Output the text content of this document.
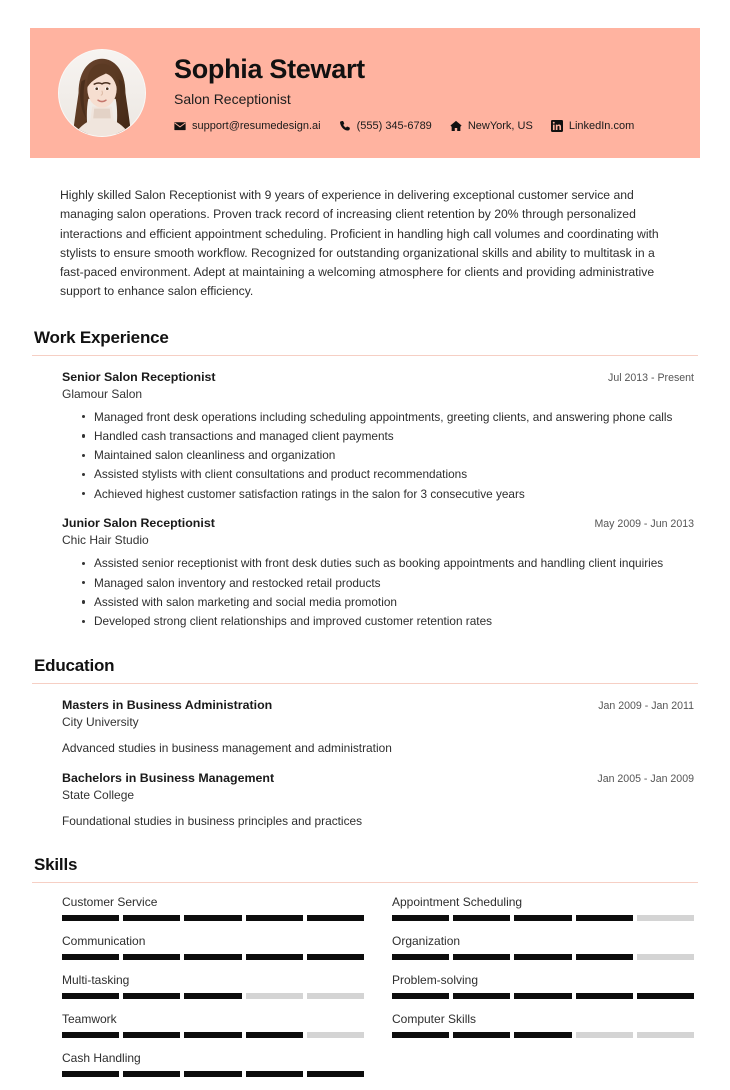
Sophia Stewart
Salon Receptionist
support@resumedesign.ai	(555) 345-6789	NewYork, US	LinkedIn.com
Highly skilled Salon Receptionist with 9 years of experience in delivering exceptional customer service and managing salon operations. Proven track record of increasing client retention by 20% through personalized interactions and efficient appointment scheduling. Proficient in handling high call volumes and coordinating with stylists to ensure smooth workflow. Recognized for outstanding organizational skills and ability to multitask in a fast-paced environment. Adept at maintaining a welcoming atmosphere for clients and providing administrative support to enhance salon efficiency.
Work Experience
Senior Salon Receptionist	Jul 2013 - Present
Glamour Salon
Managed front desk operations including scheduling appointments, greeting clients, and answering phone calls
Handled cash transactions and managed client payments
Maintained salon cleanliness and organization
Assisted stylists with client consultations and product recommendations
Achieved highest customer satisfaction ratings in the salon for 3 consecutive years
Junior Salon Receptionist	May 2009 - Jun 2013
Chic Hair Studio
Assisted senior receptionist with front desk duties such as booking appointments and handling client inquiries
Managed salon inventory and restocked retail products
Assisted with salon marketing and social media promotion
Developed strong client relationships and improved customer retention rates
Education
Masters in Business Administration	Jan 2009 - Jan 2011
City University
Advanced studies in business management and administration
Bachelors in Business Management	Jan 2005 - Jan 2009
State College
Foundational studies in business principles and practices
Skills
Customer Service	Appointment Scheduling
Communication	Organization
Multi-tasking	Problem-solving
Teamwork	Computer Skills
Cash Handling
